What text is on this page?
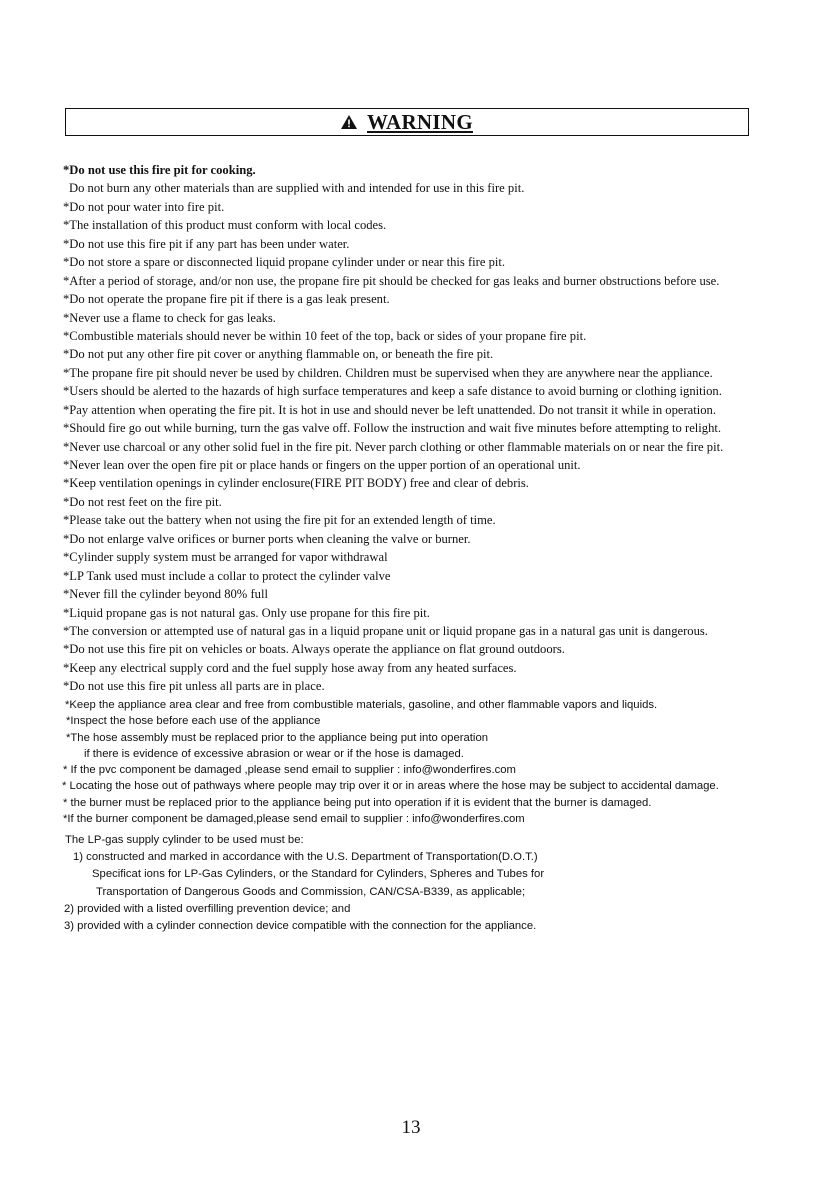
WARNING
*Do not use this fire pit for cooking.
Do not burn any other materials than are supplied with and intended for use in this fire pit.
*Do not pour water into fire pit.
*The installation of this product must conform with local codes.
*Do not use this fire pit if any part has been under water.
*Do not store a spare or disconnected liquid propane cylinder under or near this fire pit.
*After a period of storage, and/or non use, the propane fire pit should be checked for gas leaks and burner obstructions before use.
*Do not operate the propane fire pit if there is a gas leak present.
*Never use a flame to check for gas leaks.
*Combustible materials should never be within 10 feet of the top, back or sides of your propane fire pit.
*Do not put any other fire pit cover or anything flammable on, or beneath the fire pit.
*The propane fire pit should never be used by children. Children must be supervised when they are anywhere near the appliance.
*Users should be alerted to the hazards of high surface temperatures and keep a safe distance to avoid burning or clothing ignition.
*Pay attention when operating the fire pit. It is hot in use and should never be left unattended. Do not transit it while in operation.
*Should fire go out while burning, turn the gas valve off. Follow the instruction and wait five minutes before attempting to relight.
*Never use charcoal or any other solid fuel in the fire pit. Never parch clothing or other flammable materials on or near the fire pit.
*Never lean over the open fire pit or place hands or fingers on the upper portion of an operational unit.
*Keep ventilation openings in cylinder enclosure(FIRE PIT BODY) free and clear of debris.
*Do not rest feet on the fire pit.
*Please take out the battery when not using the fire pit for an extended length of time.
*Do not enlarge valve orifices or burner ports when cleaning the valve or burner.
*Cylinder supply system must be arranged for vapor withdrawal
*LP Tank used must include a collar to protect the cylinder valve
*Never fill the cylinder beyond 80% full
*Liquid propane gas is not natural gas. Only use propane for this fire pit.
*The conversion or attempted use of natural gas in a liquid propane unit or liquid propane gas in a natural gas unit is dangerous.
*Do not use this fire pit on vehicles or boats. Always operate the appliance on flat ground outdoors.
*Keep any electrical supply cord and the fuel supply hose away from any heated surfaces.
*Do not use this fire pit unless all parts are in place.
*Keep the appliance area clear and free from combustible materials, gasoline, and other flammable vapors and liquids.
*Inspect the hose before each use of the appliance
*The hose assembly must be replaced prior to the appliance being put into operation
if there is evidence of excessive abrasion or wear or if the hose is damaged.
* If the pvc component be damaged ,please send email to supplier : info@wonderfires.com
* Locating the hose out of pathways where people may trip over it or in areas where the hose may be subject to accidental damage.
* the burner must be replaced prior to the appliance being put into operation if it is evident that the burner is damaged.
*If the burner component be damaged,please send email to supplier : info@wonderfires.com
The LP-gas supply cylinder to be used must be:
1) constructed and marked in accordance with the U.S. Department of Transportation(D.O.T.)
Specificat ions for LP-Gas Cylinders, or the Standard for Cylinders, Spheres and Tubes for
Transportation of Dangerous Goods and Commission, CAN/CSA-B339, as applicable;
2) provided with a listed overfilling prevention device; and
3) provided with a cylinder connection device compatible with the connection for the appliance.
13
